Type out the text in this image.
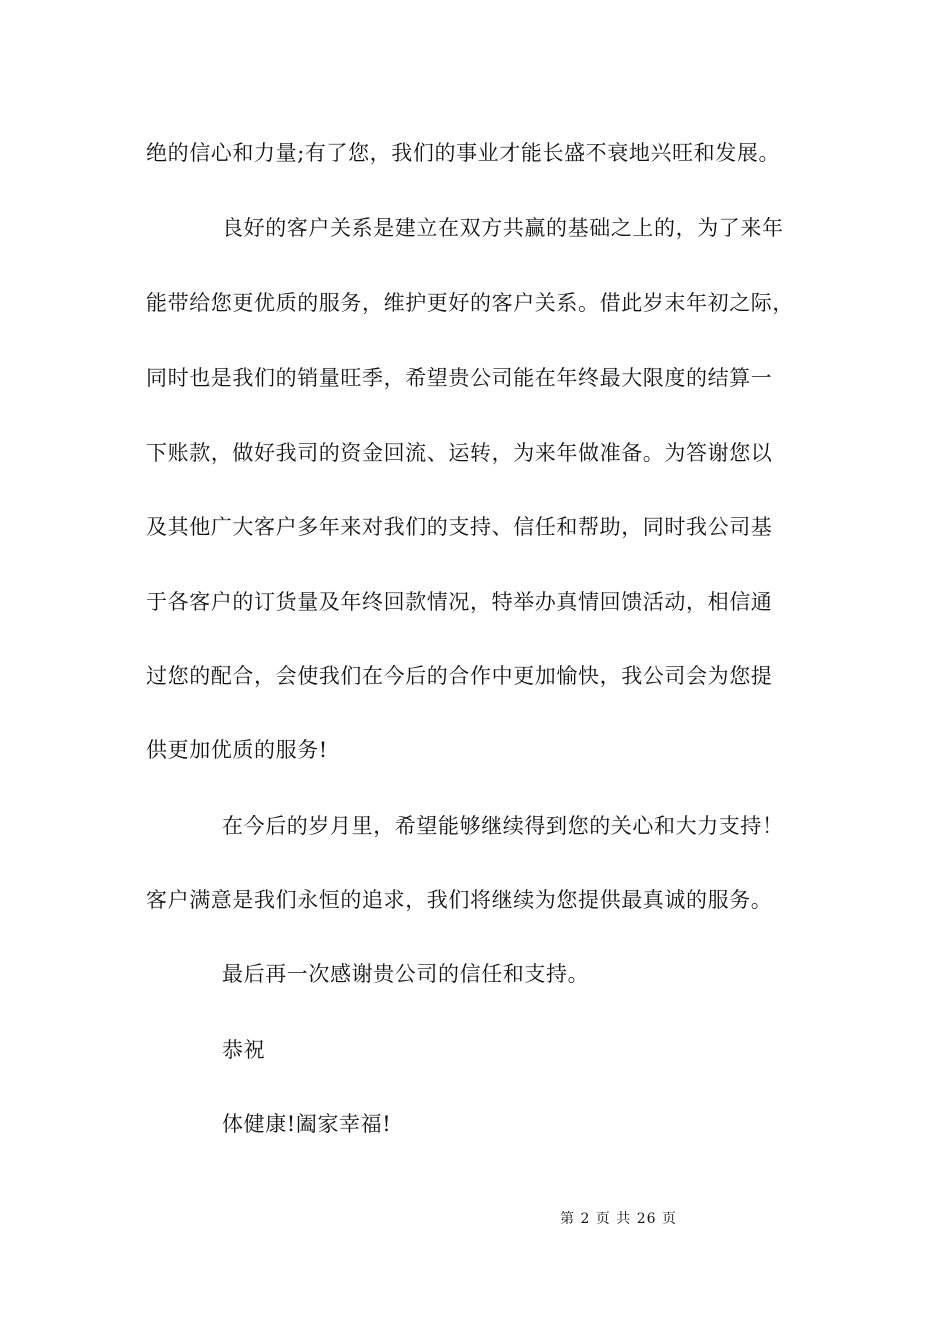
绝的信心和力量;有了您，我们的事业才能长盛不衰地兴旺和发展。
良好的客户关系是建立在双方共赢的基础之上的，为了来年
能带给您更优质的服务，维护更好的客户关系。借此岁末年初之际，
同时也是我们的销量旺季，希望贵公司能在年终最大限度的结算一
下账款，做好我司的资金回流、运转，为来年做准备。为答谢您以
及其他广大客户多年来对我们的支持、信任和帮助，同时我公司基
于各客户的订货量及年终回款情况，特举办真情回馈活动，相信通
过您的配合，会使我们在今后的合作中更加愉快，我公司会为您提
供更加优质的服务!
在今后的岁月里，希望能够继续得到您的关心和大力支持！
客户满意是我们永恒的追求，我们将继续为您提供最真诚的服务。
最后再一次感谢贵公司的信任和支持。
恭祝
体健康!阖家幸福!
第 2 页 共 26 页
